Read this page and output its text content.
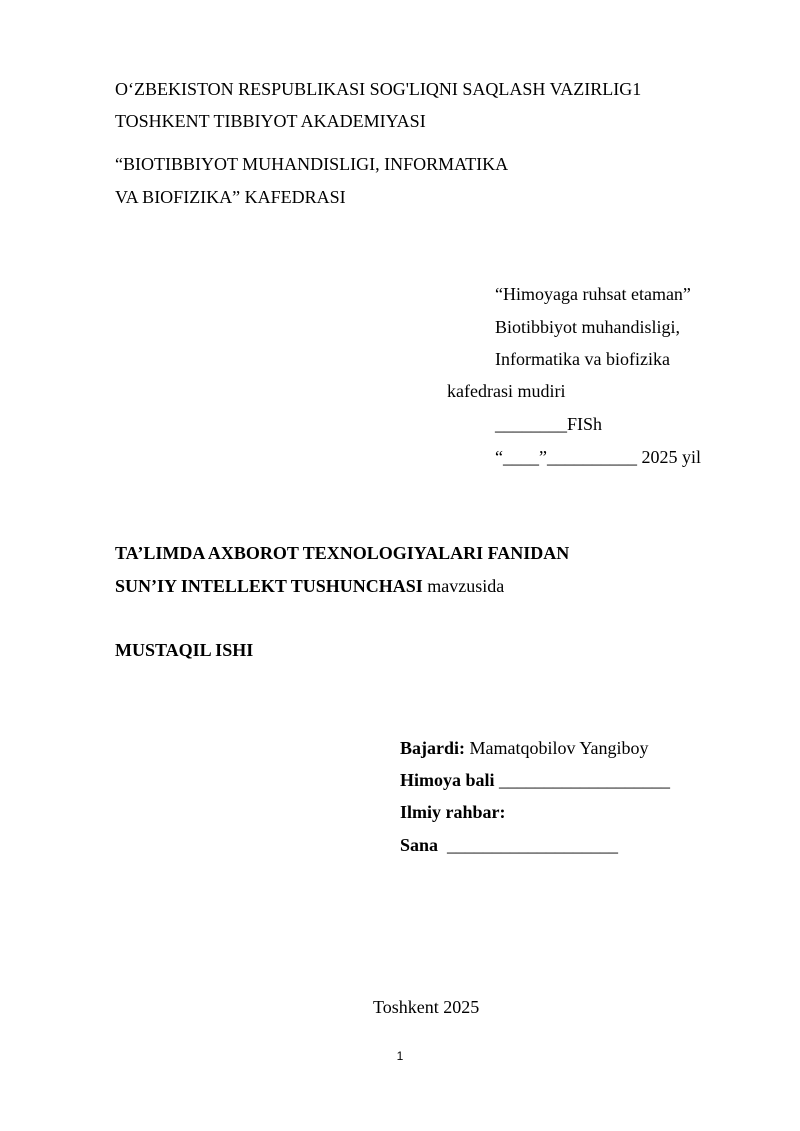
O‘ZBEKISTON RESPUBLIKASI SOG'LIQNI SAQLASH VAZIRLIG1
TOSHKENT TIBBIYOT AKADEMIYASI
“BIOTIBBIYOT MUHANDISLIGI, INFORMATIKA
VA BIOFIZIKA” KAFEDRASI
“Himoyaga ruhsat etaman”
Biotibbiyot muhandisligi,
Informatika va biofizika
kafedrasi mudiri
________FISh
“____”__________ 2025 yil
TA’LIMDA AXBOROT TEXNOLOGIYALARI FANIDAN
SUN’IY INTELLEKT TUSHUNCHASI mavzusida
MUSTAQIL ISHI
Bajardi: Mamatqobilov Yangiboy
Himoya bali ___________________
Ilmiy rahbar:
Sana  ___________________
Toshkent 2025
1
